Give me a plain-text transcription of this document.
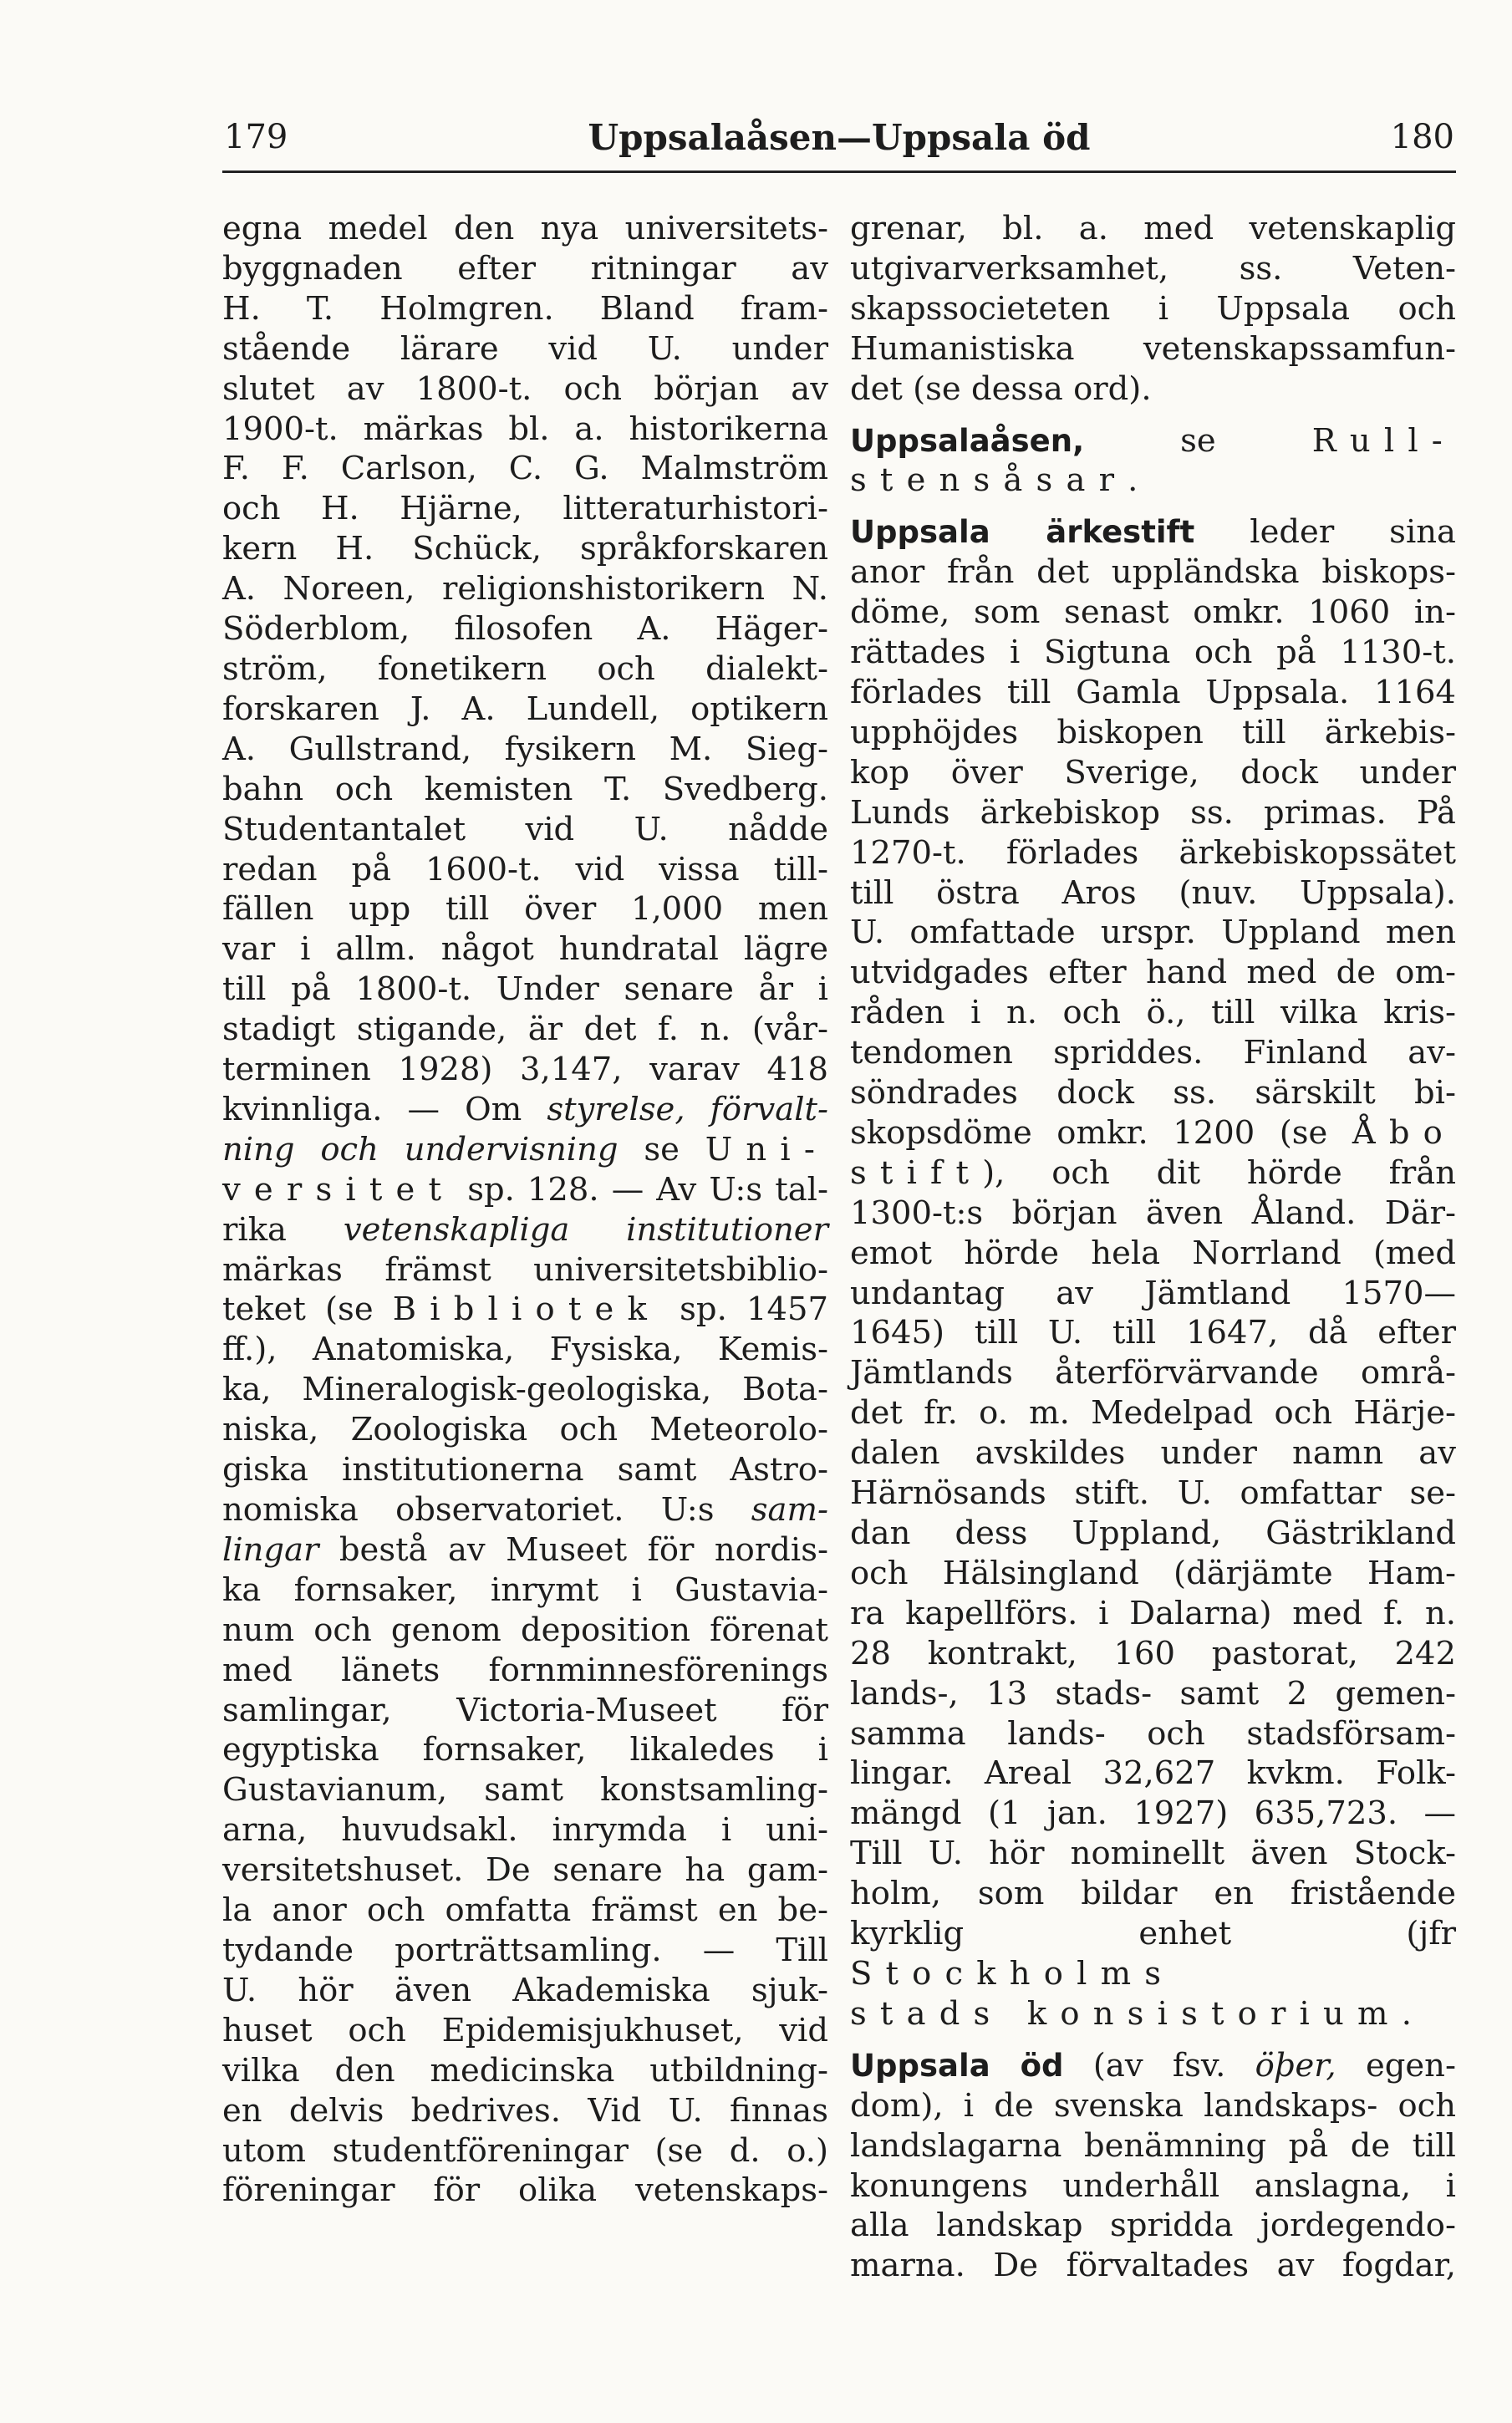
179	Uppsalaåsen—Uppsala öd	180

egna medel den nya universitets-

byggnaden efter ritningar av

H. T. Holmgren. Bland fram-

stående lärare vid U. under

slutet av 1800-t. och början av

1900-t. märkas bl. a. historikerna

F. F. Carlson, C. G. Malmström

och H. Hjärne, litteraturhistori-

kern H. Schück, språkforskaren

A. Noreen, religionshistorikern N.

Söderblom, filosofen A. Häger-

ström, fonetikern och dialekt-

forskaren J. A. Lundell, optikern

A. Gullstrand, fysikern M. Sieg-

bahn och kemisten T. Svedberg.

Studentantalet vid U. nådde

redan på 1600-t. vid vissa till-

fällen upp till över 1,000 men

var i allm. något hundratal lägre

till på 1800-t. Under senare år i

stadigt stigande, är det f. n. (vår-

terminen 1928) 3,147, varav 418

kvinnliga. — Om styrelse, förvalt-

ning och undervisning se Uni-

versitet sp. 128. — Av U:s tal-

rika vetenskapliga institutioner

märkas främst universitetsbiblio-

teket (se Bibliotek sp. 1457

ff.), Anatomiska, Fysiska, Kemis-

ka, Mineralogisk-geologiska, Bota-

niska, Zoologiska och Meteorolo-

giska institutionerna samt Astro-

nomiska observatoriet. U:s sam-

lingar bestå av Museet för nordis-

ka fornsaker, inrymt i Gustavia-

num och genom deposition förenat

med länets fornminnesförenings

samlingar, Victoria-Museet för

egyptiska fornsaker, likaledes i

Gustavianum, samt konstsamling-

arna, huvudsakl. inrymda i uni-

versitetshuset. De senare ha gam-

la anor och omfatta främst en be-

tydande porträttsamling. — Till

U. hör även Akademiska sjuk-

huset och Epidemisjukhuset, vid

vilka den medicinska utbildning-

en delvis bedrives. Vid U. finnas

utom studentföreningar (se d. o.)

föreningar för olika vetenskaps-

grenar, bl. a. med vetenskaplig

utgivarverksamhet, ss. Veten-

skapssocieteten i Uppsala och

Humanistiska vetenskapssamfun-

det (se dessa ord).

Uppsalaåsen, se Rull-

stensåsar.

Uppsala ärkestift leder sina

anor från det uppländska biskops-

döme, som senast omkr. 1060 in-

rättades i Sigtuna och på 1130-t.

förlades till Gamla Uppsala. 1164

upphöjdes biskopen till ärkebis-

kop över Sverige, dock under

Lunds ärkebiskop ss. primas. På

1270-t. förlades ärkebiskopssätet

till östra Aros (nuv. Uppsala).

U. omfattade urspr. Uppland men

utvidgades efter hand med de om-

råden i n. och ö., till vilka kris-

tendomen spriddes. Finland av-

söndrades dock ss. särskilt bi-

skopsdöme omkr. 1200 (se Åbo

stift), och dit hörde från

1300-t:s början även Åland. Där-

emot hörde hela Norrland (med

undantag av Jämtland 1570—

1645) till U. till 1647, då efter

Jämtlands återförvärvande områ-

det fr. o. m. Medelpad och Härje-

dalen avskildes under namn av

Härnösands stift. U. omfattar se-

dan dess Uppland, Gästrikland

och Hälsingland (därjämte Ham-

ra kapellförs. i Dalarna) med f. n.

28 kontrakt, 160 pastorat, 242

lands-, 13 stads- samt 2 gemen-

samma lands- och stadsförsam-

lingar. Areal 32,627 kvkm. Folk-

mängd (1 jan. 1927) 635,723. —

Till U. hör nominellt även Stock-

holm, som bildar en fristående

kyrklig enhet (jfr Stockholms

stads konsistorium.

Uppsala öd (av fsv. öþer, egen-

dom), i de svenska landskaps- och

landslagarna benämning på de till

konungens underhåll anslagna, i

alla landskap spridda jordegendo-

marna. De förvaltades av fogdar,
